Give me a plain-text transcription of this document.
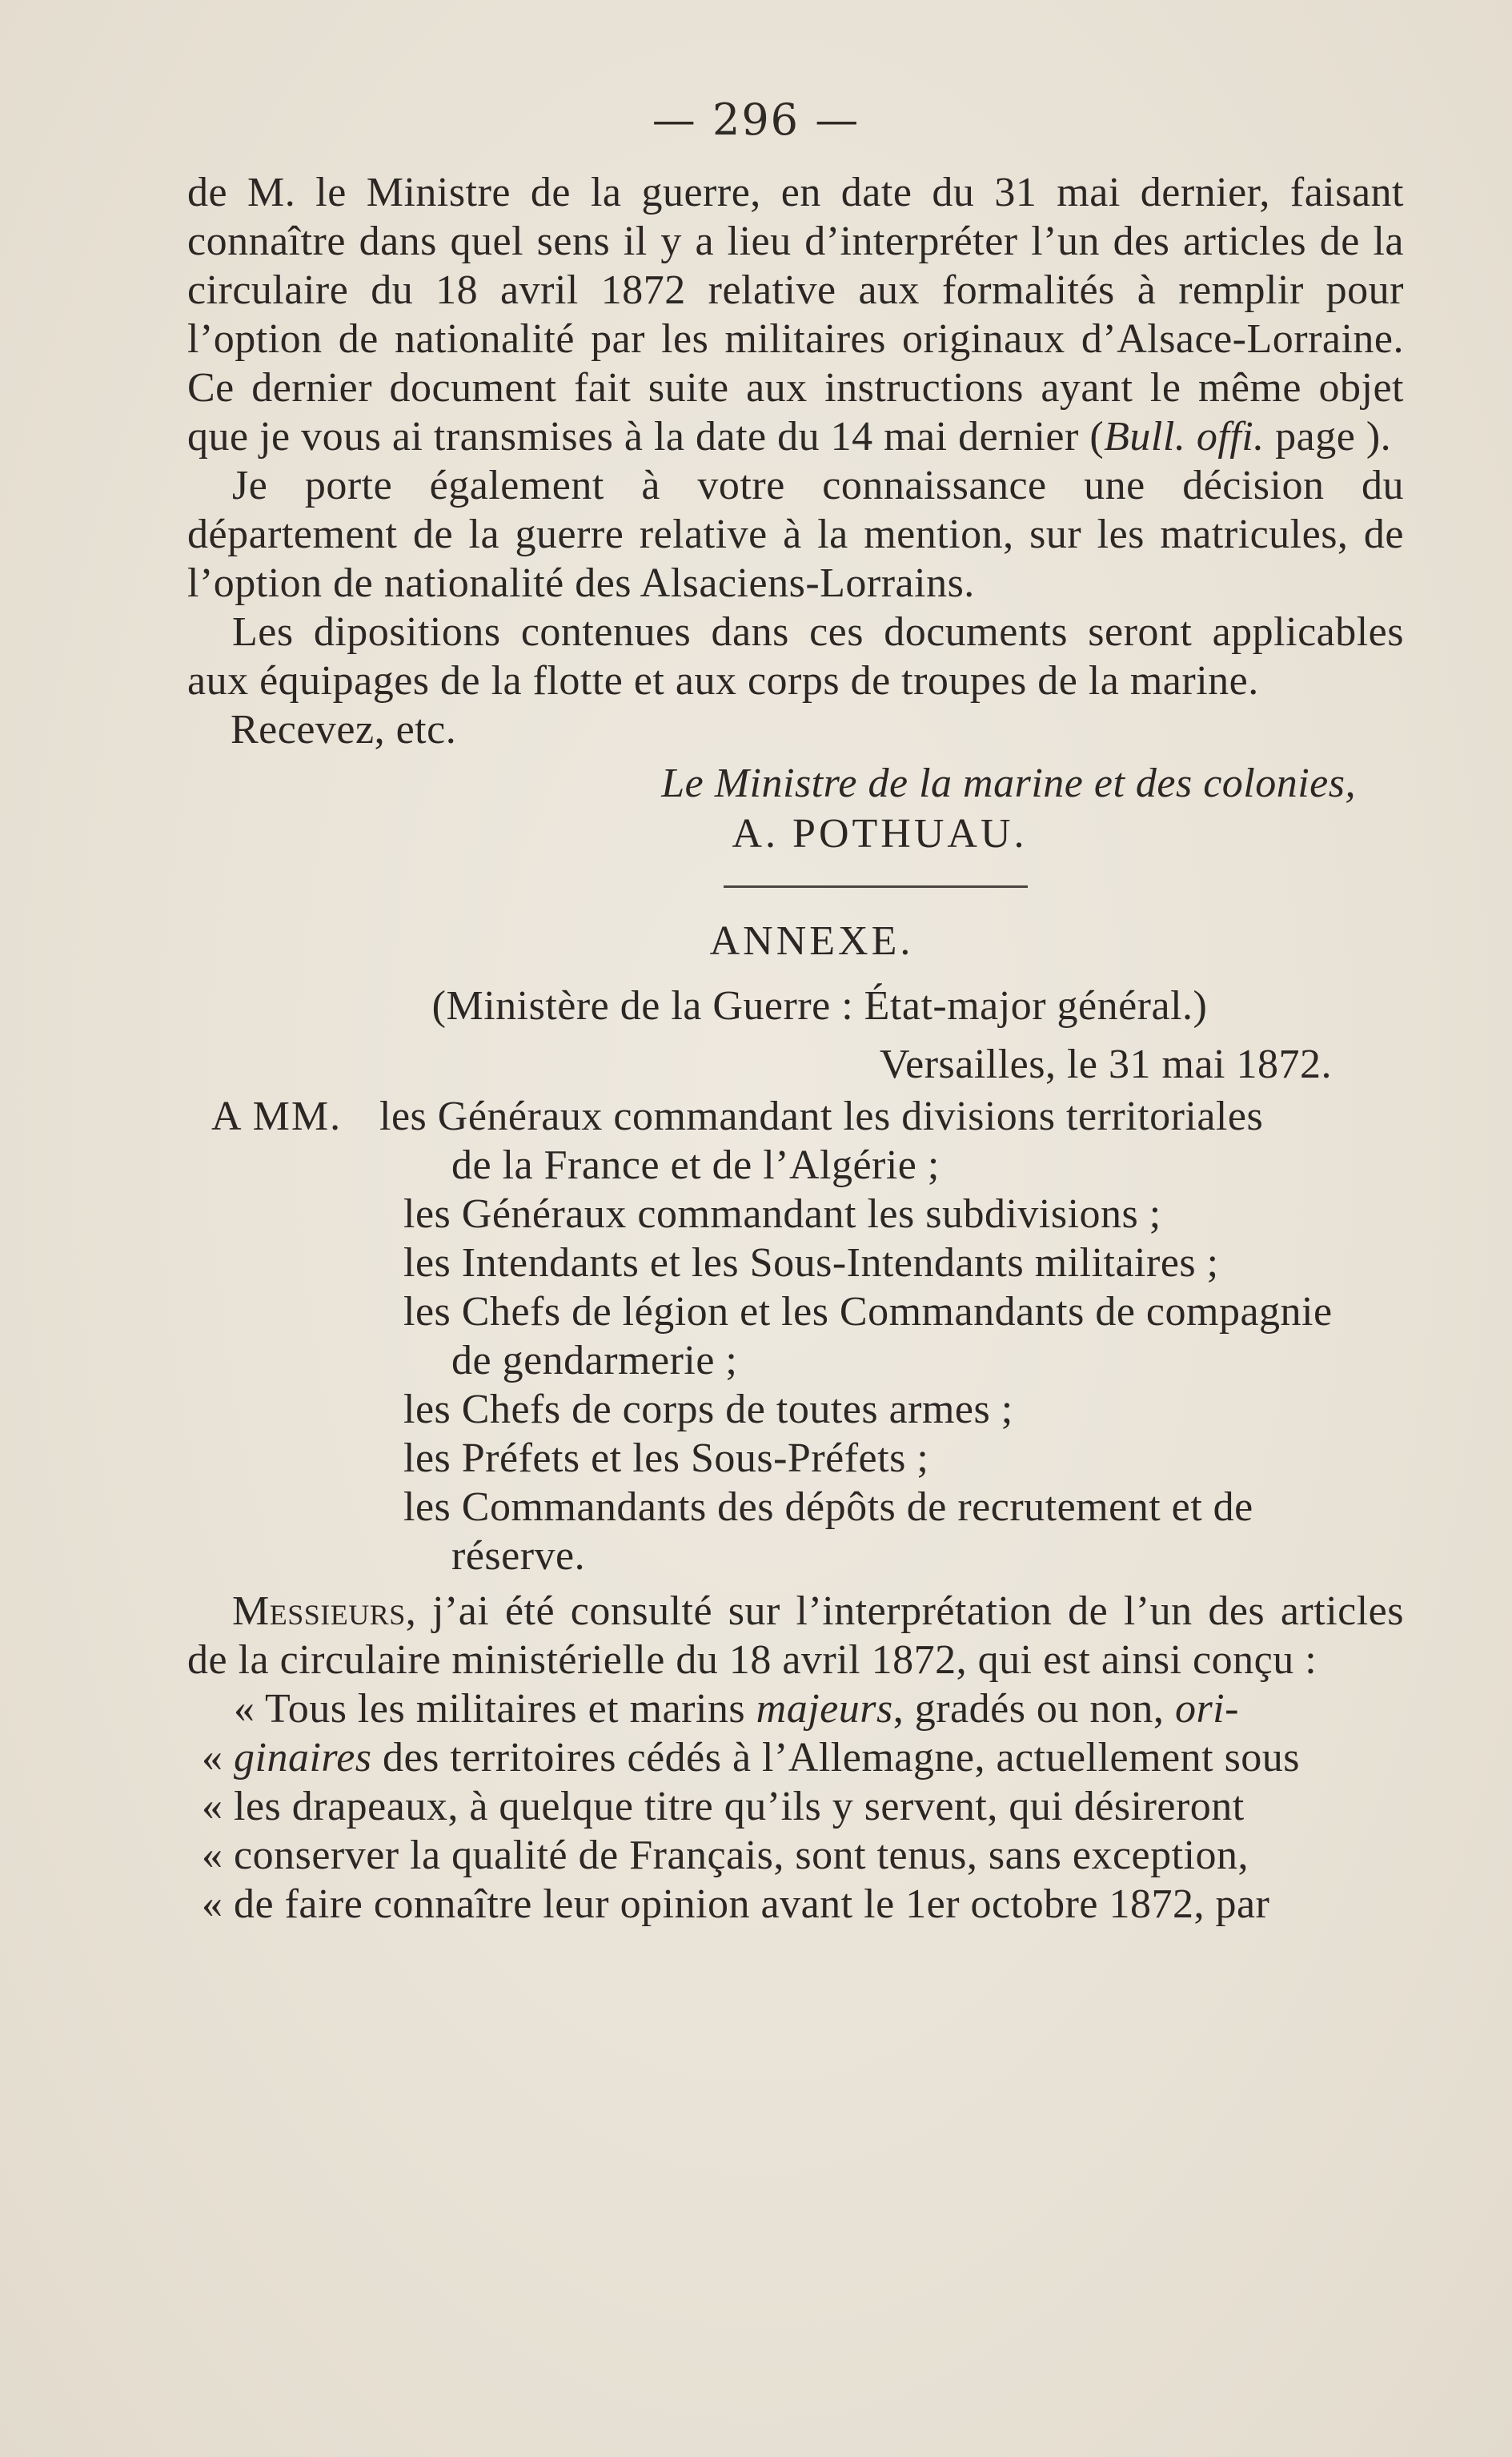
— 296 —

de M. le Ministre de la guerre, en date du 31 mai dernier, faisant connaître dans quel sens il y a lieu d’interpréter l’un des articles de la circulaire du 18 avril 1872 relative aux formalités à remplir pour l’option de nationalité par les militaires originaux d’Alsace-Lorraine. Ce dernier document fait suite aux instructions ayant le même objet que je vous ai transmises à la date du 14 mai dernier (Bull. offi. page ).

Je porte également à votre connaissance une décision du département de la guerre relative à la mention, sur les matricules, de l’option de nationalité des Alsaciens-Lorrains.

Les dipositions contenues dans ces documents seront applicables aux équipages de la flotte et aux corps de troupes de la marine.

Recevez, etc.

Le Ministre de la marine et des colonies,
A. POTHUAU.
ANNEXE.
(Ministère de la Guerre : État-major général.)
Versailles, le 31 mai 1872.
A MM. les Généraux commandant les divisions territoriales
de la France et de l’Algérie ;
les Généraux commandant les subdivisions ;
les Intendants et les Sous-Intendants militaires ;
les Chefs de légion et les Commandants de compagnie
de gendarmerie ;
les Chefs de corps de toutes armes ;
les Préfets et les Sous-Préfets ;
les Commandants des dépôts de recrutement et de
réserve.

Messieurs, j’ai été consulté sur l’interprétation de l’un des articles de la circulaire ministérielle du 18 avril 1872, qui est ainsi conçu :

« Tous les militaires et marins majeurs, gradés ou non, ori-
« ginaires des territoires cédés à l’Allemagne, actuellement sous
« les drapeaux, à quelque titre qu’ils y servent, qui désireront
« conserver la qualité de Français, sont tenus, sans exception,
« de faire connaître leur opinion avant le 1er octobre 1872, par
